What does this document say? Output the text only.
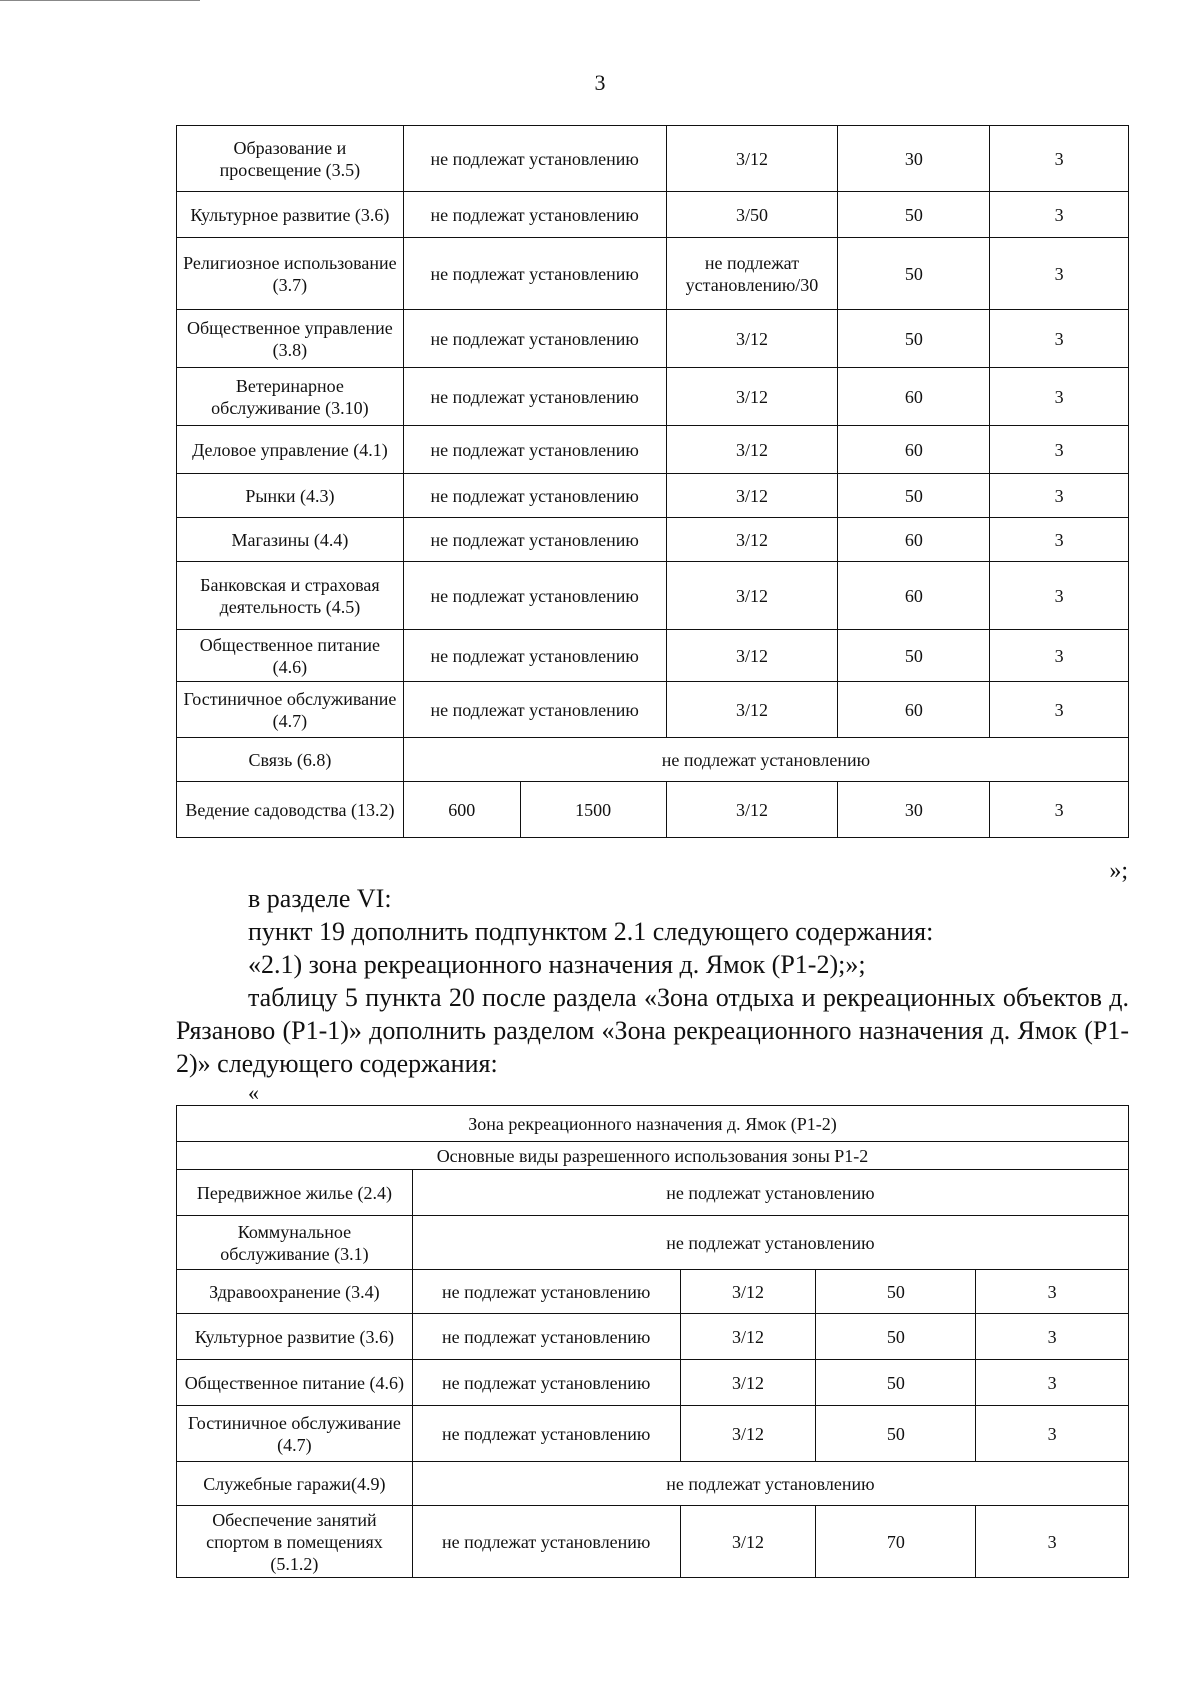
3
Образование и просвещение (3.5)	не подлежат установлению		3/12	30	3
Культурное развитие (3.6)	не подлежат установлению		3/50	50	3
Религиозное использование (3.7)	не подлежат установлению		не подлежат установлению/30	50	3
Общественное управление (3.8)	не подлежат установлению		3/12	50	3
Ветеринарное обслуживание (3.10)	не подлежат установлению		3/12	60	3
Деловое управление (4.1)	не подлежат установлению		3/12	60	3
Рынки (4.3)	не подлежат установлению		3/12	50	3
Магазины (4.4)	не подлежат установлению		3/12	60	3
Банковская и страховая деятельность (4.5)	не подлежат установлению		3/12	60	3
Общественное питание (4.6)	не подлежат установлению		3/12	50	3
Гостиничное обслуживание (4.7)	не подлежат установлению		3/12	60	3
Связь (6.8)	не подлежат установлению				
Ведение садоводства (13.2)	600	1500	3/12	30	3
»;
в разделе VI:
пункт 19 дополнить подпунктом 2.1 следующего содержания:
«2.1) зона рекреационного назначения д. Ямок (Р1-2);»;
таблицу 5 пункта 20 после раздела «Зона отдыха и рекреационных объектов д. Рязаново (Р1-1)» дополнить разделом «Зона рекреационного назначения д. Ямок (Р1-2)» следующего содержания:
«
Зона рекреационного назначения д. Ямок (Р1-2)				
Основные виды разрешенного использования зоны Р1-2				
Передвижное жилье (2.4)	не подлежат установлению			
Коммунальное обслуживание (3.1)	не подлежат установлению			
Здравоохранение (3.4)	не подлежат установлению	3/12	50	3
Культурное развитие (3.6)	не подлежат установлению	3/12	50	3
Общественное питание (4.6)	не подлежат установлению	3/12	50	3
Гостиничное обслуживание (4.7)	не подлежат установлению	3/12	50	3
Служебные гаражи(4.9)	не подлежат установлению			
Обеспечение занятий спортом в помещениях (5.1.2)	не подлежат установлению	3/12	70	3
